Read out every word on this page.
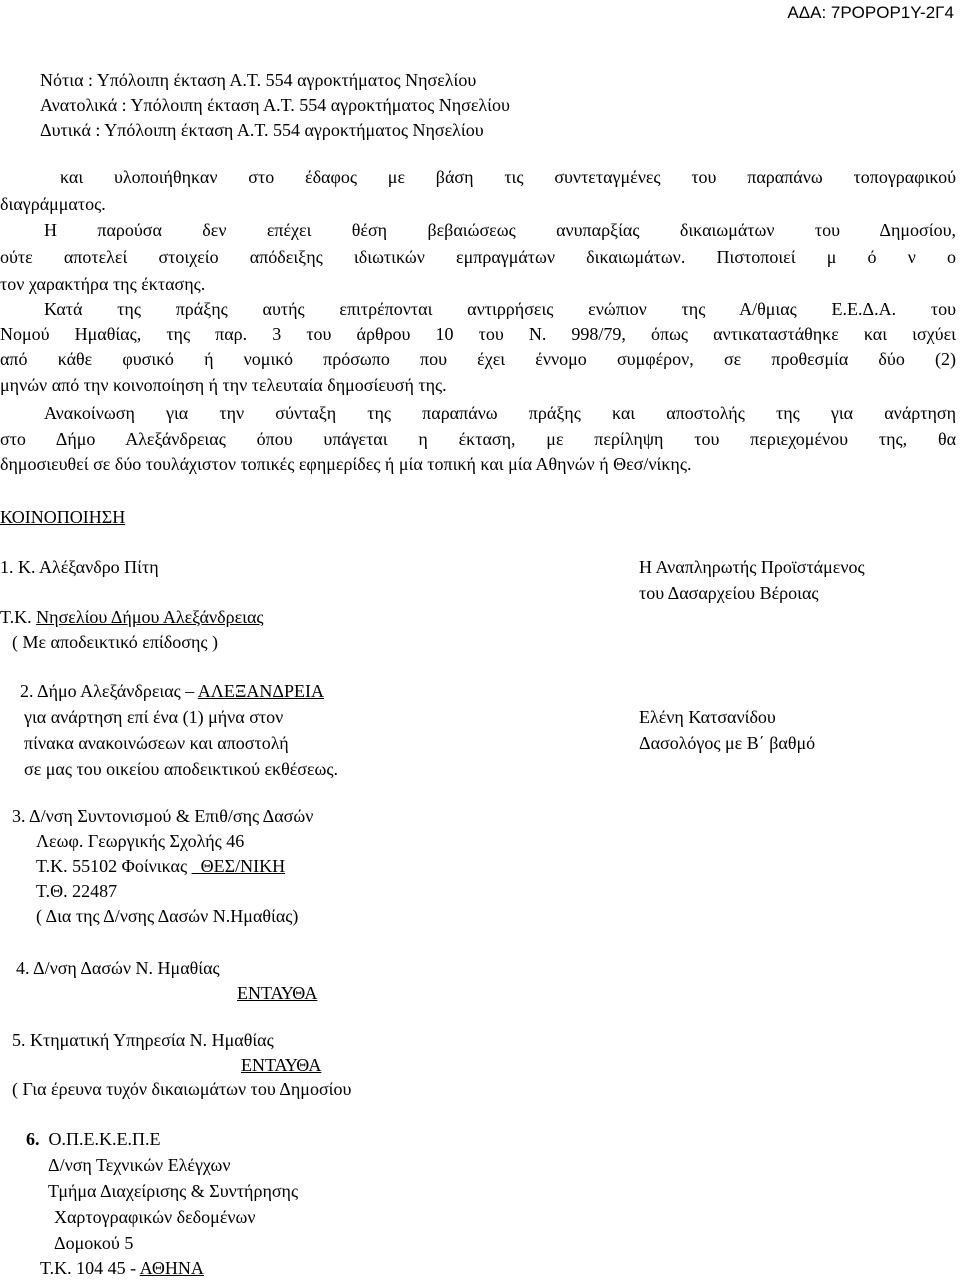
ΑΔΑ: 7ΡΟΡΟΡ1Υ-2Γ4
Νότια : Υπόλοιπη έκταση Α.Τ. 554 αγροκτήματος Νησελίου
Ανατολικά : Υπόλοιπη έκταση Α.Τ. 554 αγροκτήματος Νησελίου
Δυτικά : Υπόλοιπη έκταση Α.Τ. 554 αγροκτήματος Νησελίου
και υλοποιήθηκαν στο έδαφος με βάση τις συντεταγμένες του παραπάνω τοπογραφικού
διαγράμματος.
Η παρούσα δεν επέχει θέση βεβαιώσεως ανυπαρξίας δικαιωμάτων του Δημοσίου,
ούτε αποτελεί στοιχείο απόδειξης ιδιωτικών εμπραγμάτων δικαιωμάτων. Πιστοποιεί μ ό ν ο
τον χαρακτήρα της έκτασης.
Κατά της πράξης αυτής επιτρέπονται αντιρρήσεις ενώπιον της Α/θμιας Ε.Ε.Δ.Α. του
Νομού Ημαθίας, της παρ. 3 του άρθρου 10 του Ν. 998/79, όπως αντικαταστάθηκε και ισχύει
από κάθε φυσικό ή νομικό πρόσωπο που έχει έννομο συμφέρον, σε προθεσμία δύο (2)
μηνών από την κοινοποίηση ή την τελευταία δημοσίευσή της.
Ανακοίνωση για την σύνταξη της παραπάνω πράξης και αποστολής της για ανάρτηση
στο Δήμο Αλεξάνδρειας όπου υπάγεται η έκταση, με περίληψη του περιεχομένου της, θα
δημοσιευθεί σε δύο τουλάχιστον τοπικές εφημερίδες ή μία τοπική και μία Αθηνών ή Θεσ/νίκης.
ΚΟΙΝΟΠΟΙΗΣΗ
1. Κ. Αλέξανδρο Πίτη
Τ.Κ. Νησελίου Δήμου Αλεξάνδρειας
( Με αποδεικτικό επίδοσης )
2. Δήμο Αλεξάνδρειας – ΑΛΕΞΑΝΔΡΕΙΑ
για ανάρτηση επί ένα (1) μήνα στον
πίνακα ανακοινώσεων και αποστολή
σε μας του οικείου αποδεικτικού εκθέσεως.
3. Δ/νση Συντονισμού & Επιθ/σης Δασών
Λεωφ. Γεωργικής Σχολής 46
Τ.Κ. 55102 Φοίνικας   ΘΕΣ/ΝΙΚΗ
Τ.Θ. 22487
( Δια της Δ/νσης Δασών Ν.Ημαθίας)
4. Δ/νση Δασών Ν. Ημαθίας
ΕΝΤΑΥΘΑ
5. Κτηματική Υπηρεσία Ν. Ημαθίας
ΕΝΤΑΥΘΑ
( Για έρευνα τυχόν δικαιωμάτων του Δημοσίου
6.  Ο.Π.Ε.Κ.Ε.Π.Ε
Δ/νση Τεχνικών Ελέγχων
Τμήμα Διαχείρισης & Συντήρησης
Χαρτογραφικών δεδομένων
Δομοκού 5
Τ.Κ. 104 45 - ΑΘΗΝΑ
Η Αναπληρωτής Προϊστάμενος
του Δασαρχείου Βέροιας
Ελένη Κατσανίδου
Δασολόγος με Β΄ βαθμό
